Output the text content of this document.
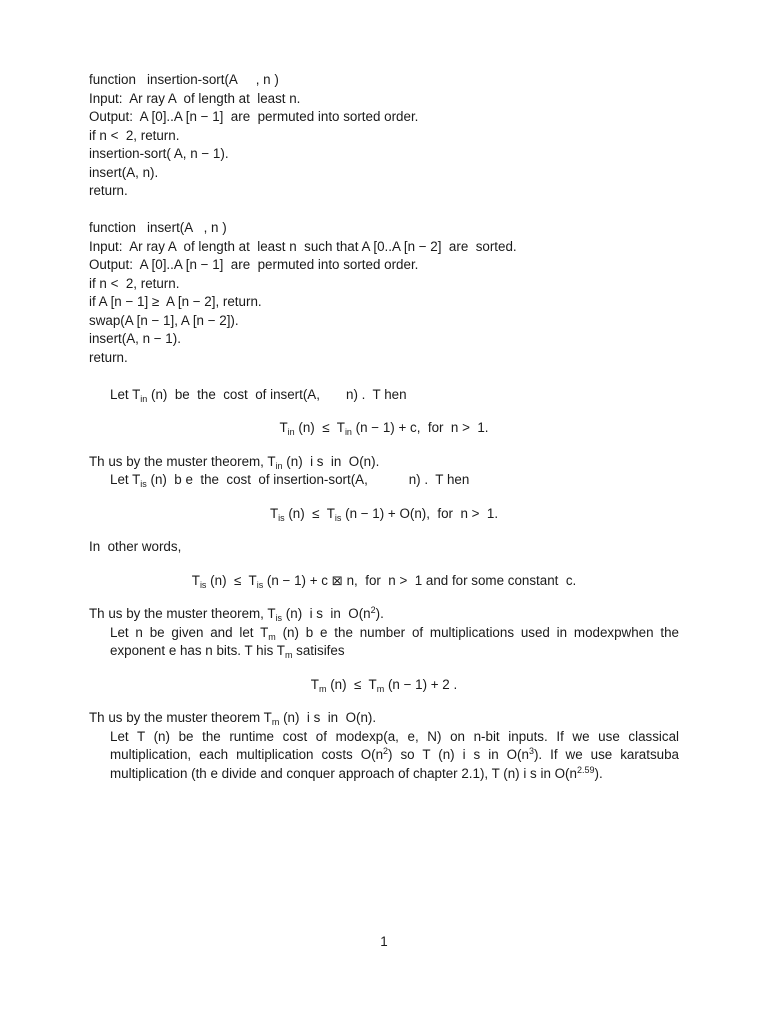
function   insertion-sort(A     , n )
Input:  Ar ray A  of length at  least n.
Output:  A [0]..A [n − 1]  are  permuted into sorted order.
if n <  2, return.
insertion-sort( A, n − 1).
insert(A, n).
return.
function   insert(A   , n )
Input:  Ar ray A  of length at  least n  such that A [0..A [n − 2]  are  sorted.
Output:  A [0]..A [n − 1]  are  permuted into sorted order.
if n <  2, return.
if A [n − 1] ≥  A [n − 2], return.
swap(A [n − 1], A [n − 2]).
insert(A, n − 1).
return.
Let $T_{in}$ (n)  be  the  cost  of insert(A,       n) .  T hen
$T_{in}$ $(n) \le T_{in}$ (n − 1) + c,  for  n >  1.
Th us by the muster theorem, $T_{in}$ (n)  i s  in  O(n).
Let $T_{is}$ (n)  b e  the  cost  of insertion-sort(A,           n) .  T hen
$T_{is}$ $(n) \le T_{is}$ (n − 1) + O(n),  for  n >  1.
In  other words,
$T_{is}$ $(n) \le T_{is}$ (n − 1) + c ⊠ n,  for  n >  1 and for some constant  c.
Th us by the muster theorem, $T_{is}$ (n)  i s  in  $O(n^2)$.
Let n be given and let $T_m$ (n) b e the number of multiplications used in modexpwhen the exponent e has n bits. T his $T_m$ satisifes
$T_m$ $(n) \le T_m$ (n − 1) + 2 .
Th us by the muster theorem $T_m$ (n)  i s  in  O(n).
Let T (n) be the runtime cost of modexp(a, e, N) on n-bit inputs. If we use classical multiplication, each multiplication costs $O(n^2)$ so T (n) i s in $O(n^3)$. If we use karatsuba multiplication (th e divide and conquer approach of chapter 2.1), T (n) i s in $O(n^{2.59})$.
1
